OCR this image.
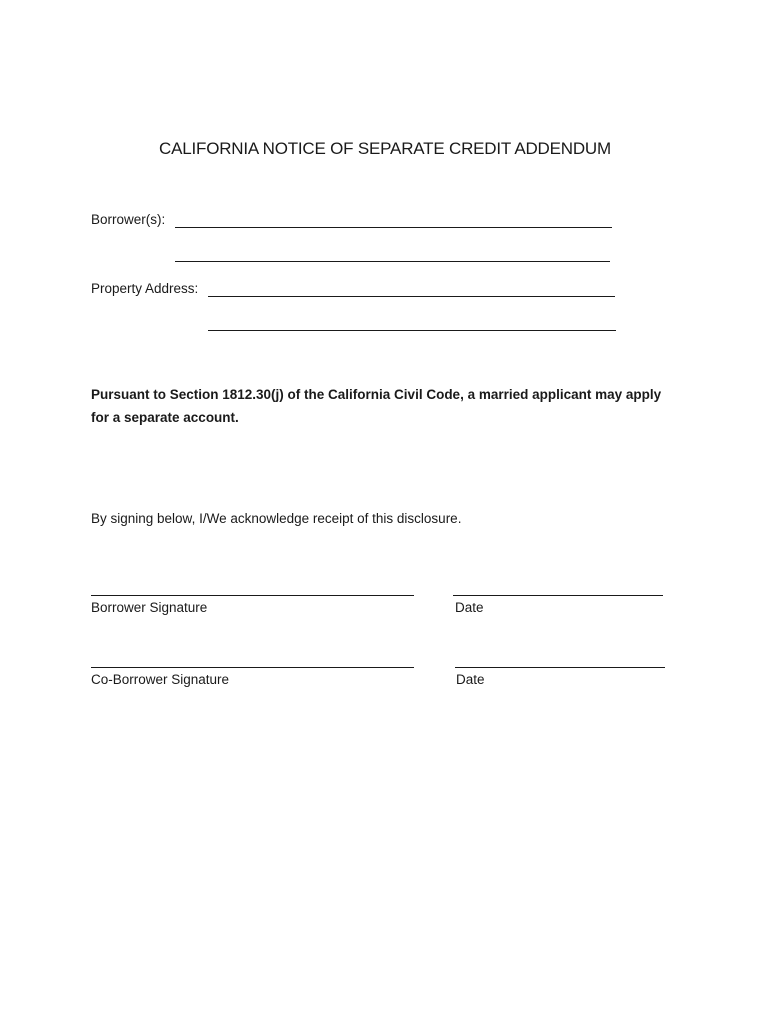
CALIFORNIA NOTICE OF SEPARATE CREDIT ADDENDUM
Borrower(s):
Property Address:

Pursuant to Section 1812.30(j) of the California Civil Code, a married applicant may apply for a separate account.

By signing below, I/We acknowledge receipt of this disclosure.

Borrower Signature	Date
Co-Borrower Signature	Date
